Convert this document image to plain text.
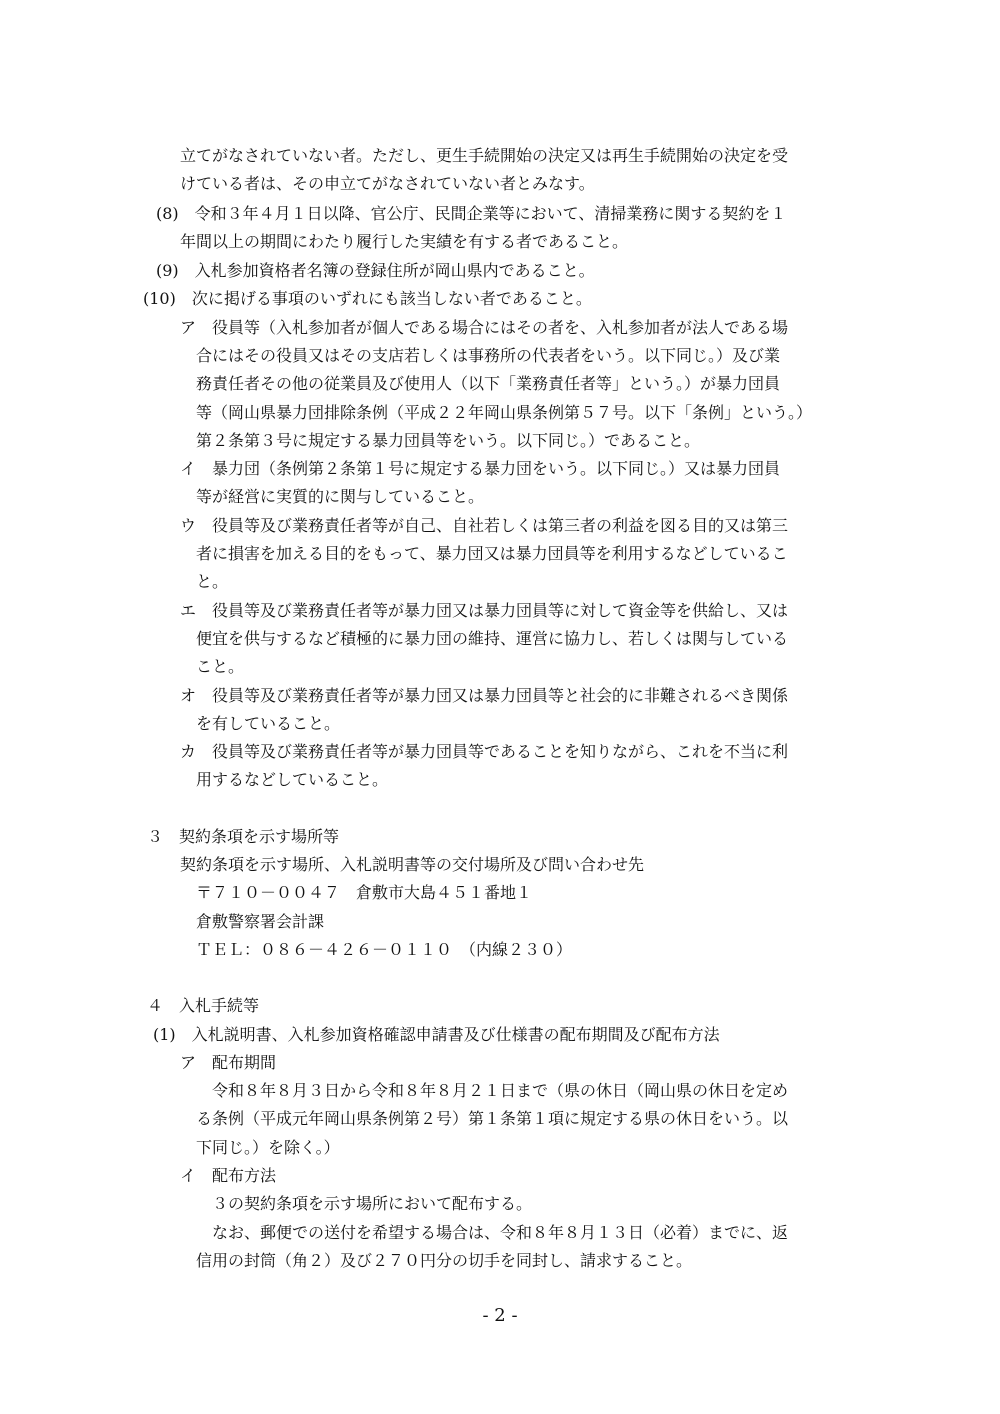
立てがなされていない者。ただし、更生手続開始の決定又は再生手続開始の決定を受
けている者は、その申立てがなされていない者とみなす。
(8)　令和３年４月１日以降、官公庁、民間企業等において、清掃業務に関する契約を１
年間以上の期間にわたり履行した実績を有する者であること。
(9)　入札参加資格者名簿の登録住所が岡山県内であること。
(10)　次に掲げる事項のいずれにも該当しない者であること。
ア　役員等（入札参加者が個人である場合にはその者を、入札参加者が法人である場
合にはその役員又はその支店若しくは事務所の代表者をいう。以下同じ。）及び業
務責任者その他の従業員及び使用人（以下「業務責任者等」という。）が暴力団員
等（岡山県暴力団排除条例（平成２２年岡山県条例第５７号。以下「条例」という。）
第２条第３号に規定する暴力団員等をいう。以下同じ。）であること。
イ　暴力団（条例第２条第１号に規定する暴力団をいう。以下同じ。）又は暴力団員
等が経営に実質的に関与していること。
ウ　役員等及び業務責任者等が自己、自社若しくは第三者の利益を図る目的又は第三
者に損害を加える目的をもって、暴力団又は暴力団員等を利用するなどしているこ
と。
エ　役員等及び業務責任者等が暴力団又は暴力団員等に対して資金等を供給し、又は
便宜を供与するなど積極的に暴力団の維持、運営に協力し、若しくは関与している
こと。
オ　役員等及び業務責任者等が暴力団又は暴力団員等と社会的に非難されるべき関係
を有していること。
カ　役員等及び業務責任者等が暴力団員等であることを知りながら、これを不当に利
用するなどしていること。
３　契約条項を示す場所等
契約条項を示す場所、入札説明書等の交付場所及び問い合わせ先
〒７１０－００４７　倉敷市大島４５１番地１
倉敷警察署会計課
ＴＥＬ：０８６－４２６－０１１０　（内線２３０）
４　入札手続等
(1)　入札説明書、入札参加資格確認申請書及び仕様書の配布期間及び配布方法
ア　配布期間
令和８年８月３日から令和８年８月２１日まで（県の休日（岡山県の休日を定め
る条例（平成元年岡山県条例第２号）第１条第１項に規定する県の休日をいう。以
下同じ。）を除く。）
イ　配布方法
３の契約条項を示す場所において配布する。
なお、郵便での送付を希望する場合は、令和８年８月１３日（必着）までに、返
信用の封筒（角２）及び２７０円分の切手を同封し、請求すること。
- 2 -
